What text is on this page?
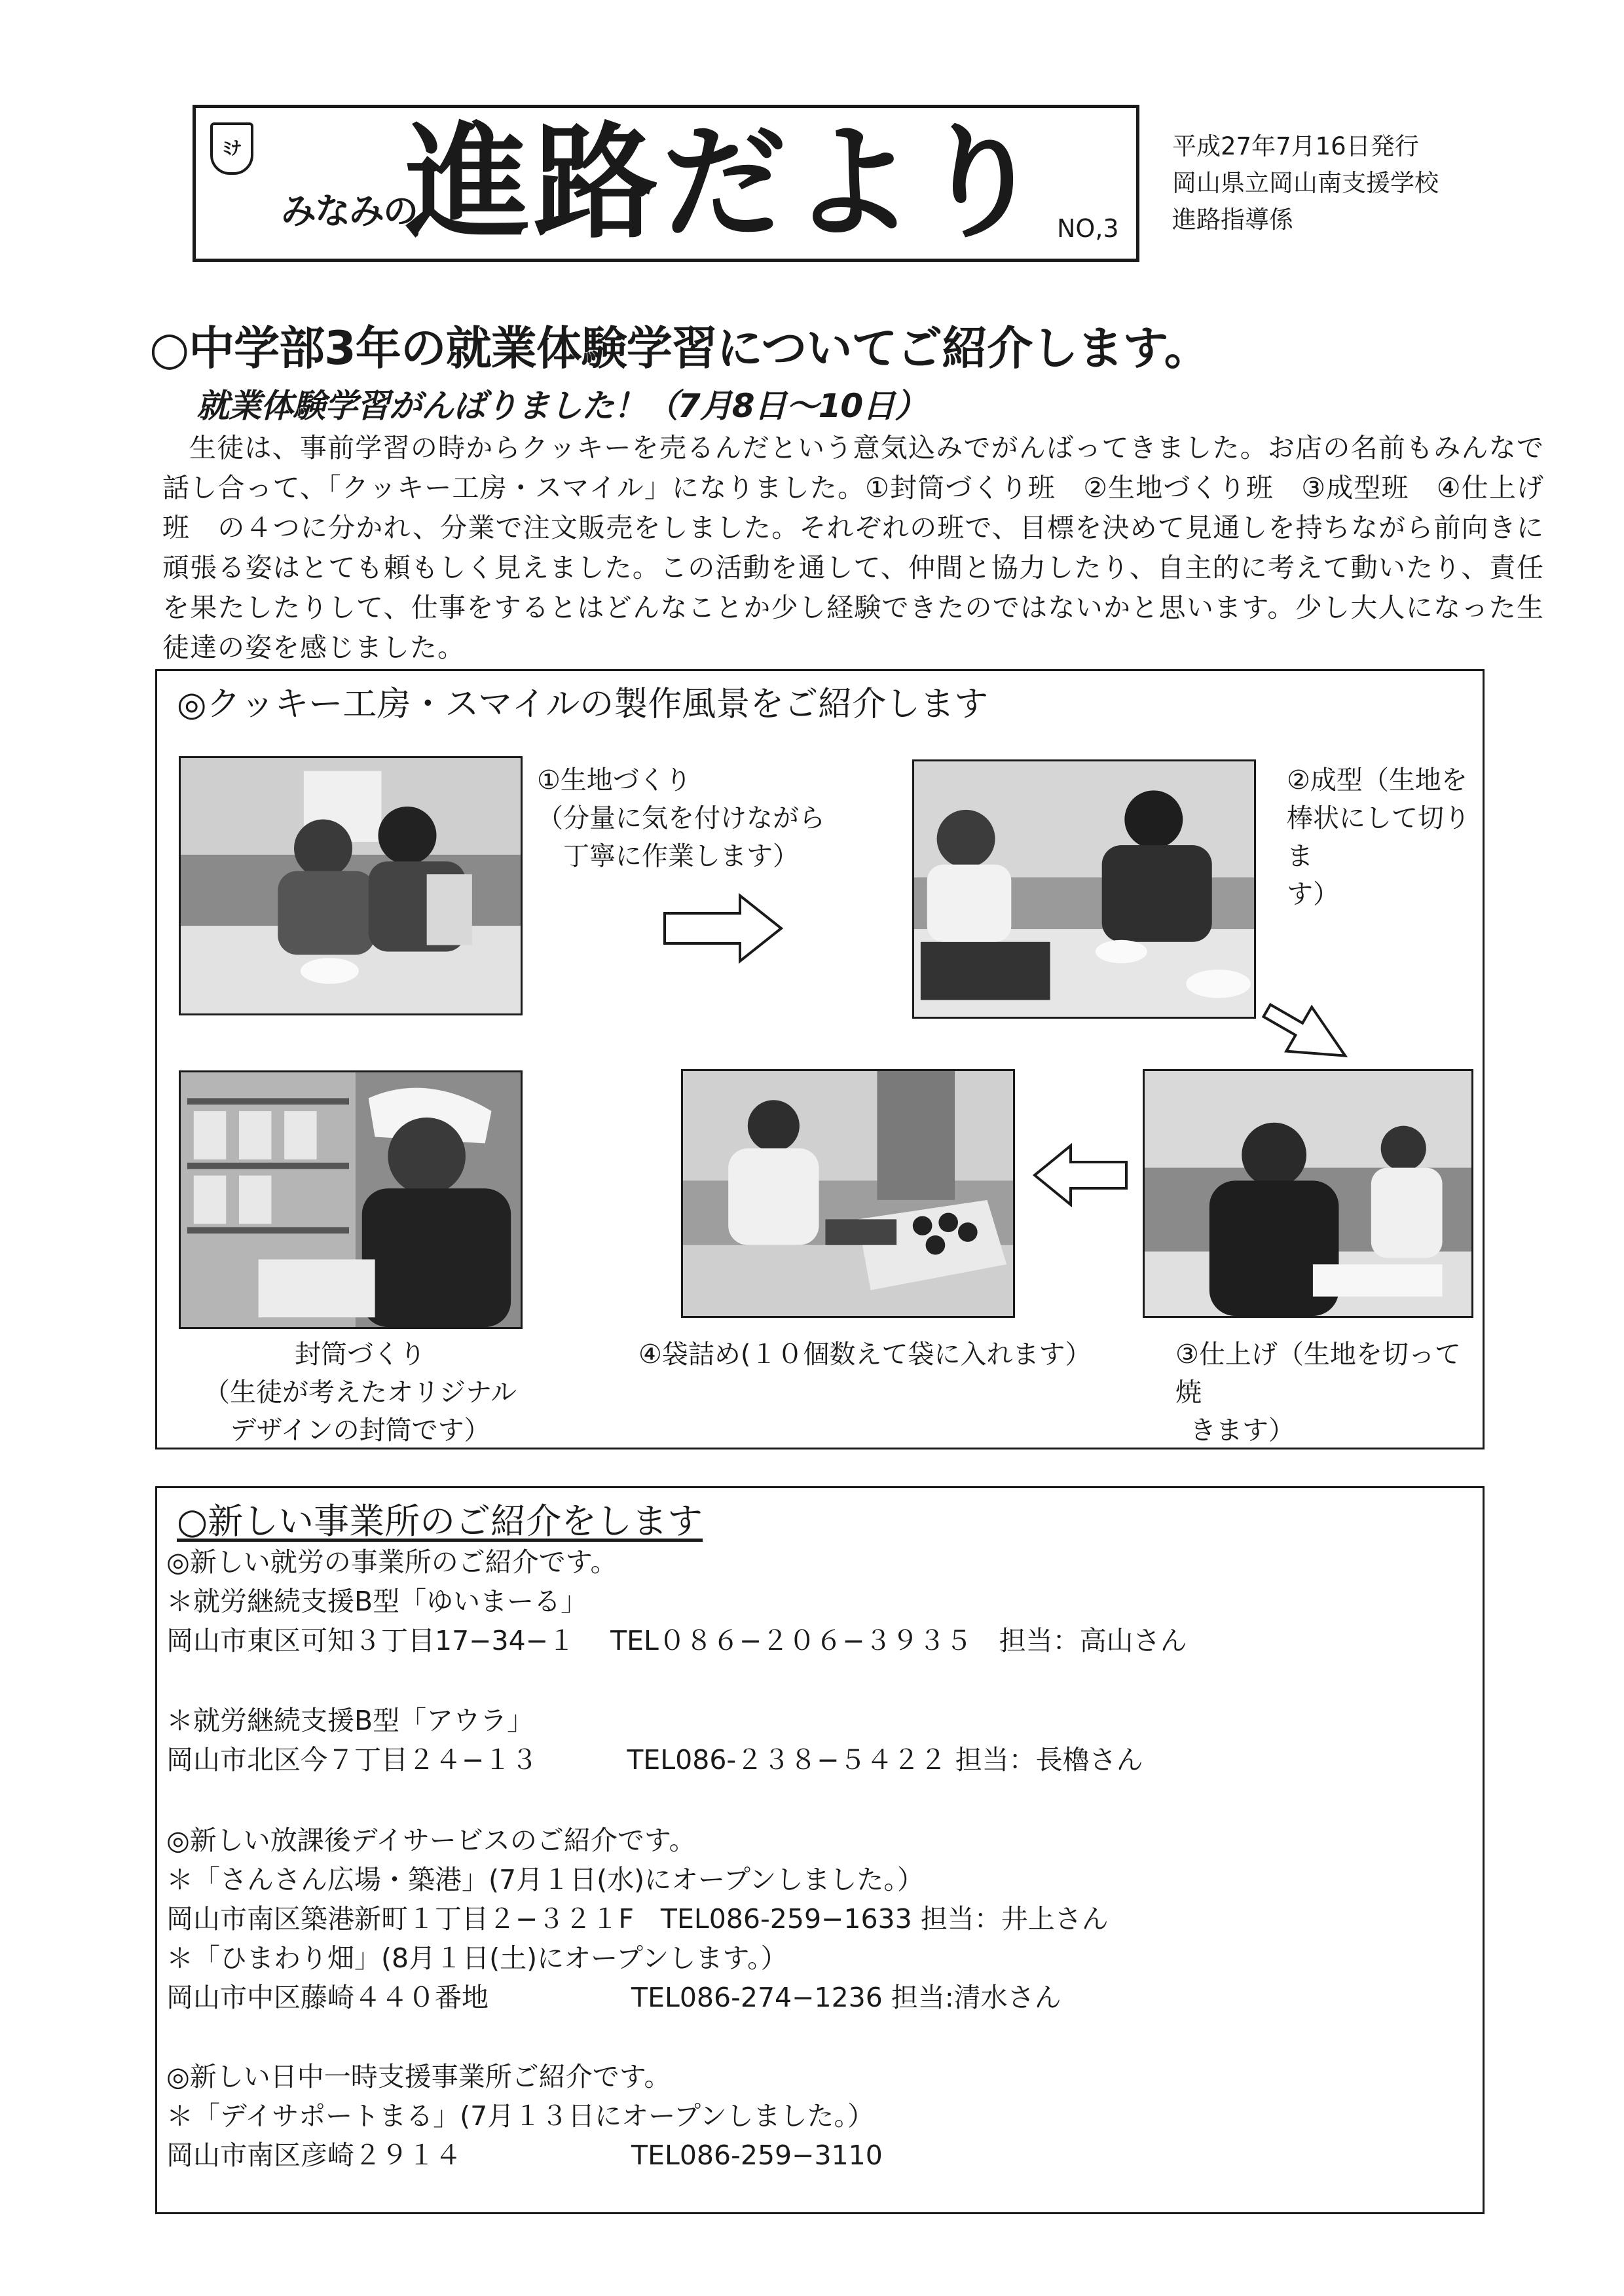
ﾐﾅ
みなみの
進路だより NO,3
平成27年7月16日発行
岡山県立岡山南支援学校
進路指導係
○中学部3年の就業体験学習についてご紹介します。
就業体験学習がんばりました！（7月8日～10日）

生徒は、事前学習の時からクッキーを売るんだという意気込みでがんばってきました。お店の名前もみんなで話し合って、「クッキー工房・スマイル」になりました。①封筒づくり班　②生地づくり班　③成型班　④仕上げ班　の４つに分かれ、分業で注文販売をしました。それぞれの班で、目標を決めて見通しを持ちながら前向きに頑張る姿はとても頼もしく見えました。この活動を通して、仲間と協力したり、自主的に考えて動いたり、責任を果たしたりして、仕事をするとはどんなことか少し経験できたのではないかと思います。少し大人になった生徒達の姿を感じました。

◎クッキー工房・スマイルの製作風景をご紹介します
①生地づくり
（分量に気を付けながら
　丁寧に作業します）
②成型（生地を
棒状にして切りま
す）
封筒づくり
（生徒が考えたオリジナル
デザインの封筒です）
④袋詰め(１０個数えて袋に入れます）	③仕上げ（生地を切って焼
きます）
○新しい事業所のご紹介をします
◎新しい就労の事業所のご紹介です。
＊就労継続支援B型「ゆいまーる」
岡山市東区可知３丁目17−34−１　 TEL０８６−２０６−３９３５　担当：高山さん
＊就労継続支援B型「アウラ」
岡山市北区今７丁目２４−１３　　　 TEL086-２３８−５４２２ 担当：長櫓さん
◎新しい放課後デイサービスのご紹介です。
＊「さんさん広場・築港」(7月１日(水)にオープンしました。）
岡山市南区築港新町１丁目２−３２１F　TEL086-259−1633 担当：井上さん
＊「ひまわり畑」(8月１日(土)にオープンします。）
岡山市中区藤崎４４０番地　　　　　 TEL086-274−1236 担当:清水さん
◎新しい日中一時支援事業所ご紹介です。
＊「デイサポートまる」(7月１３日にオープンしました。）
岡山市南区彦崎２９１４　　　　　　 TEL086-259−3110
